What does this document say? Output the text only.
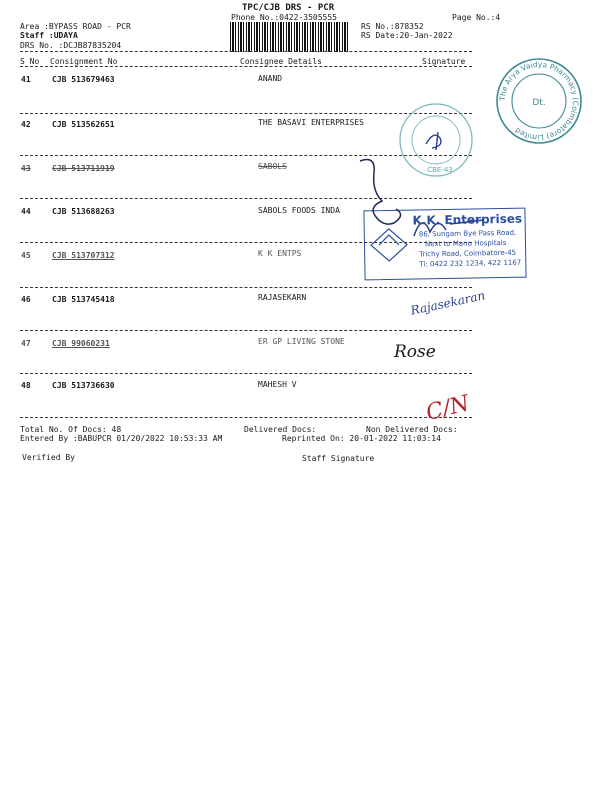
TPC/CJB DRS - PCR
Phone No.:0422-3505555	Page No.:4
Area :BYPASS ROAD - PCR
Staff :UDAYA
DRS No. :DCJB87835204
RS No.:878352
RS Date:20-Jan-2022
S No Consignment No	Consignee Details	Signature
41	CJB 513679463	ANAND
42	CJB 513562651	THE BASAVI ENTERPRISES
43	CJB 513711919	SABOLS
44	CJB 513688263	SABOLS FOODS INDA
45	CJB 513707312	K K ENTPS
46	CJB 513745418	RAJASEKARN
47	CJB 99060231	ER GP LIVING STONE
48	CJB 513736630	MAHESH V
Total No. Of Docs: 48	Delivered Docs:	Non Delivered Docs:
Entered By :BABUPCR 01/20/2022 10:53:33 AM	Reprinted On: 20-01-2022 11:03:14
Verified By	Staff Signature
The Arya Vaidya Pharmacy (Coimbatore) Limited
Dt.
CBE-43
K.K. Enterprises
86, Sungam Bye Pass Road,
Next to Manu Hospitals
Trichy Road, Coimbatore-45
Ti: 0422 232 1234, 422 1167
Rajasekaran
Rose
C/N
